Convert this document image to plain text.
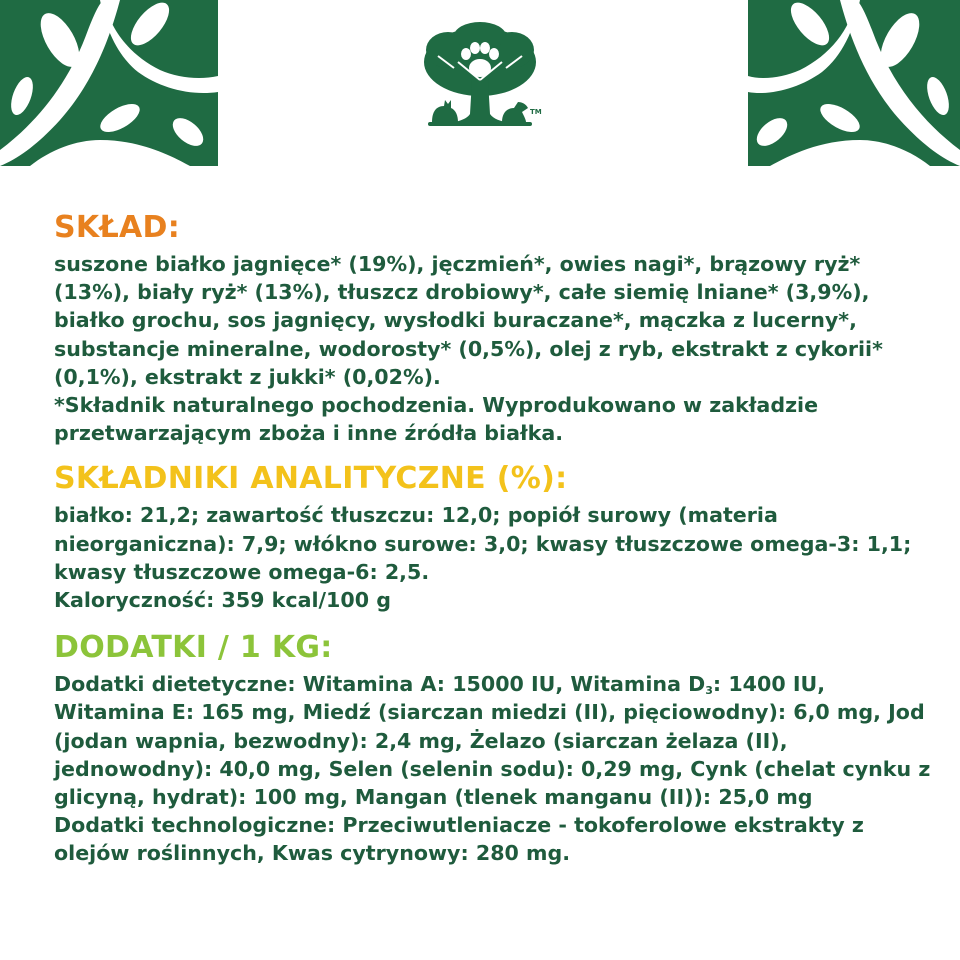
TM
SKŁAD:

suszone białko jagnięce* (19%), jęczmień*, owies nagi*, brązowy ryż* (13%), biały ryż* (13%), tłuszcz drobiowy*, całe siemię lniane* (3,9%), białko grochu, sos jagnięcy, wysłodki buraczane*, mączka z lucerny*, substancje mineralne, wodorosty* (0,5%), olej z ryb, ekstrakt z cykorii* (0,1%), ekstrakt z jukki* (0,02%).
*Składnik naturalnego pochodzenia. Wyprodukowano w zakładzie przetwarzającym zboża i inne źródła białka.

SKŁADNIKI ANALITYCZNE (%):

białko: 21,2; zawartość tłuszczu: 12,0; popiół surowy (materia nieorganiczna): 7,9; włókno surowe: 3,0; kwasy tłuszczowe omega-3: 1,1; kwasy tłuszczowe omega-6: 2,5.
Kaloryczność: 359 kcal/100 g

DODATKI / 1 KG:

Dodatki dietetyczne: Witamina A: 15000 IU, Witamina $D_3$: 1400 IU, Witamina E: 165 mg, Miedź (siarczan miedzi (II), pięciowodny): 6,0 mg, Jod (jodan wapnia, bezwodny): 2,4 mg, Żelazo (siarczan żelaza (II), jednowodny): 40,0 mg, Selen (selenin sodu): 0,29 mg, Cynk (chelat cynku z glicyną, hydrat): 100 mg, Mangan (tlenek manganu (II)): 25,0 mg
Dodatki technologiczne: Przeciwutleniacze - tokoferolowe ekstrakty z olejów roślinnych, Kwas cytrynowy: 280 mg.
